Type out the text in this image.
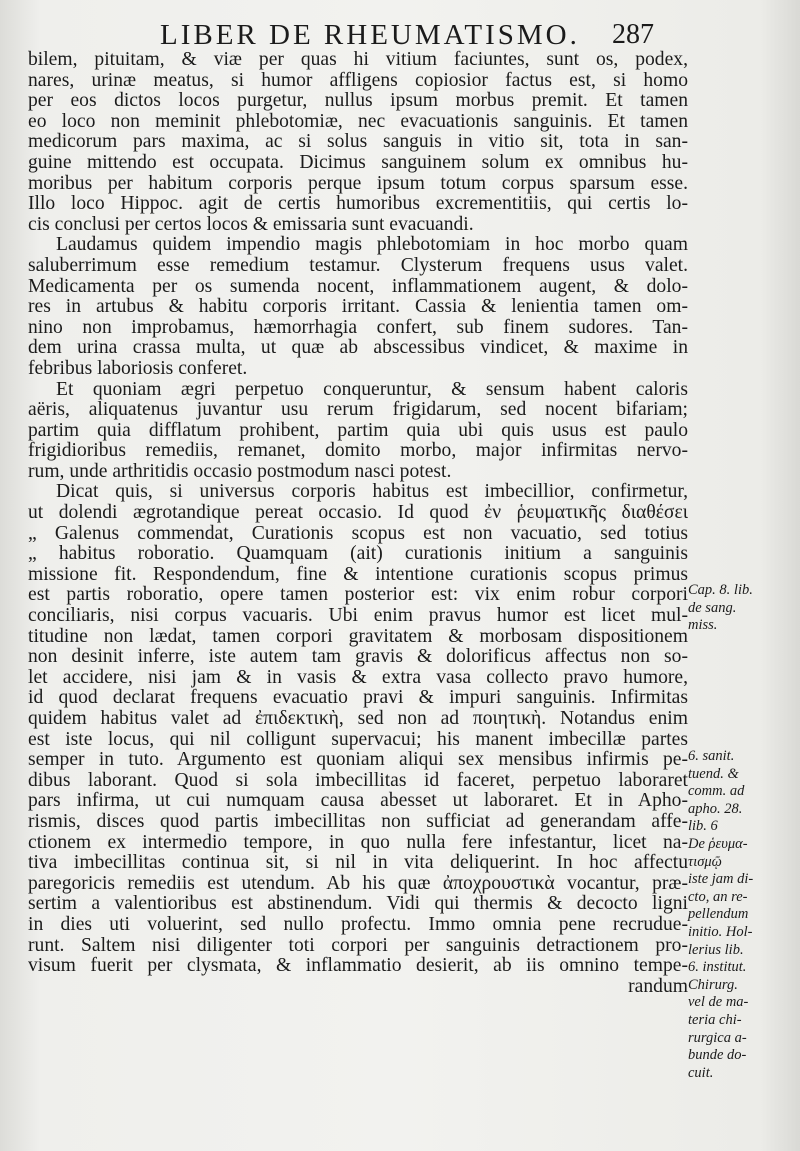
LIBER DE RHEUMATISMO. 287
bilem, pituitam, & viæ per quas hi vitium faciuntes, sunt os, podex,
nares, urinæ meatus, si humor affligens copiosior factus est, si homo
per eos dictos locos purgetur, nullus ipsum morbus premit. Et tamen
eo loco non meminit phlebotomiæ, nec evacuationis sanguinis. Et tamen
medicorum pars maxima, ac si solus sanguis in vitio sit, tota in san-
guine mittendo est occupata. Dicimus sanguinem solum ex omnibus hu-
moribus per habitum corporis perque ipsum totum corpus sparsum esse.
Illo loco Hippoc. agit de certis humoribus excrementitiis, qui certis lo-
cis conclusi per certos locos & emissaria sunt evacuandi.
Laudamus quidem impendio magis phlebotomiam in hoc morbo quam
saluberrimum esse remedium testamur. Clysterum frequens usus valet.
Medicamenta per os sumenda nocent, inflammationem augent, & dolo-
res in artubus & habitu corporis irritant. Cassia & lenientia tamen om-
nino non improbamus, hæmorrhagia confert, sub finem sudores. Tan-
dem urina crassa multa, ut quæ ab abscessibus vindicet, & maxime in
febribus laboriosis conferet.
Et quoniam ægri perpetuo conqueruntur, & sensum habent caloris
aëris, aliquatenus juvantur usu rerum frigidarum, sed nocent bifariam;
partim quia difflatum prohibent, partim quia ubi quis usus est paulo
frigidioribus remediis, remanet, domito morbo, major infirmitas nervo-
rum, unde arthritidis occasio postmodum nasci potest.
Dicat quis, si universus corporis habitus est imbecillior, confirmetur,
ut dolendi ægrotandique pereat occasio. Id quod ἐν ῥευματικῆς διαθέσει
„ Galenus commendat, Curationis scopus est non vacuatio, sed totius
„ habitus roboratio. Quamquam (ait) curationis initium a sanguinis
missione fit. Respondendum, fine & intentione curationis scopus primus
est partis roboratio, opere tamen posterior est: vix enim robur corpori
conciliaris, nisi corpus vacuaris. Ubi enim pravus humor est licet mul-
titudine non lædat, tamen corpori gravitatem & morbosam dispositionem
non desinit inferre, iste autem tam gravis & dolorificus affectus non so-
let accidere, nisi jam & in vasis & extra vasa collecto pravo humore,
id quod declarat frequens evacuatio pravi & impuri sanguinis. Infirmitas
quidem habitus valet ad ἐπιδεκτικὴ, sed non ad ποιητικὴ. Notandus enim
est iste locus, qui nil colligunt supervacui; his manent imbecillæ partes
semper in tuto. Argumento est quoniam aliqui sex mensibus infirmis pe-
dibus laborant. Quod si sola imbecillitas id faceret, perpetuo laboraret
pars infirma, ut cui numquam causa abesset ut laboraret. Et in Apho-
rismis, disces quod partis imbecillitas non sufficiat ad generandam affe-
ctionem ex intermedio tempore, in quo nulla fere infestantur, licet na-
tiva imbecillitas continua sit, si nil in vita deliquerint. In hoc affectu
paregoricis remediis est utendum. Ab his quæ ἀποχρουστικὰ vocantur, præ-
sertim a valentioribus est abstinendum. Vidi qui thermis & decocto ligni
in dies uti voluerint, sed nullo profectu. Immo omnia pene recrudue-
runt. Saltem nisi diligenter toti corpori per sanguinis detractionem pro-
visum fuerit per clysmata, & inflammatio desierit, ab iis omnino tempe-
randum
Cap. 8. lib.
de sang.
miss.
6. sanit.
tuend. &
comm. ad
apho. 28.
lib. 6
De ῥευμα-
τισμῷ
iste jam di-
cto, an re-
pellendum
initio. Hol-
lerius lib.
6. institut.
Chirurg.
vel de ma-
teria chi-
rurgica a-
bunde do-
cuit.
